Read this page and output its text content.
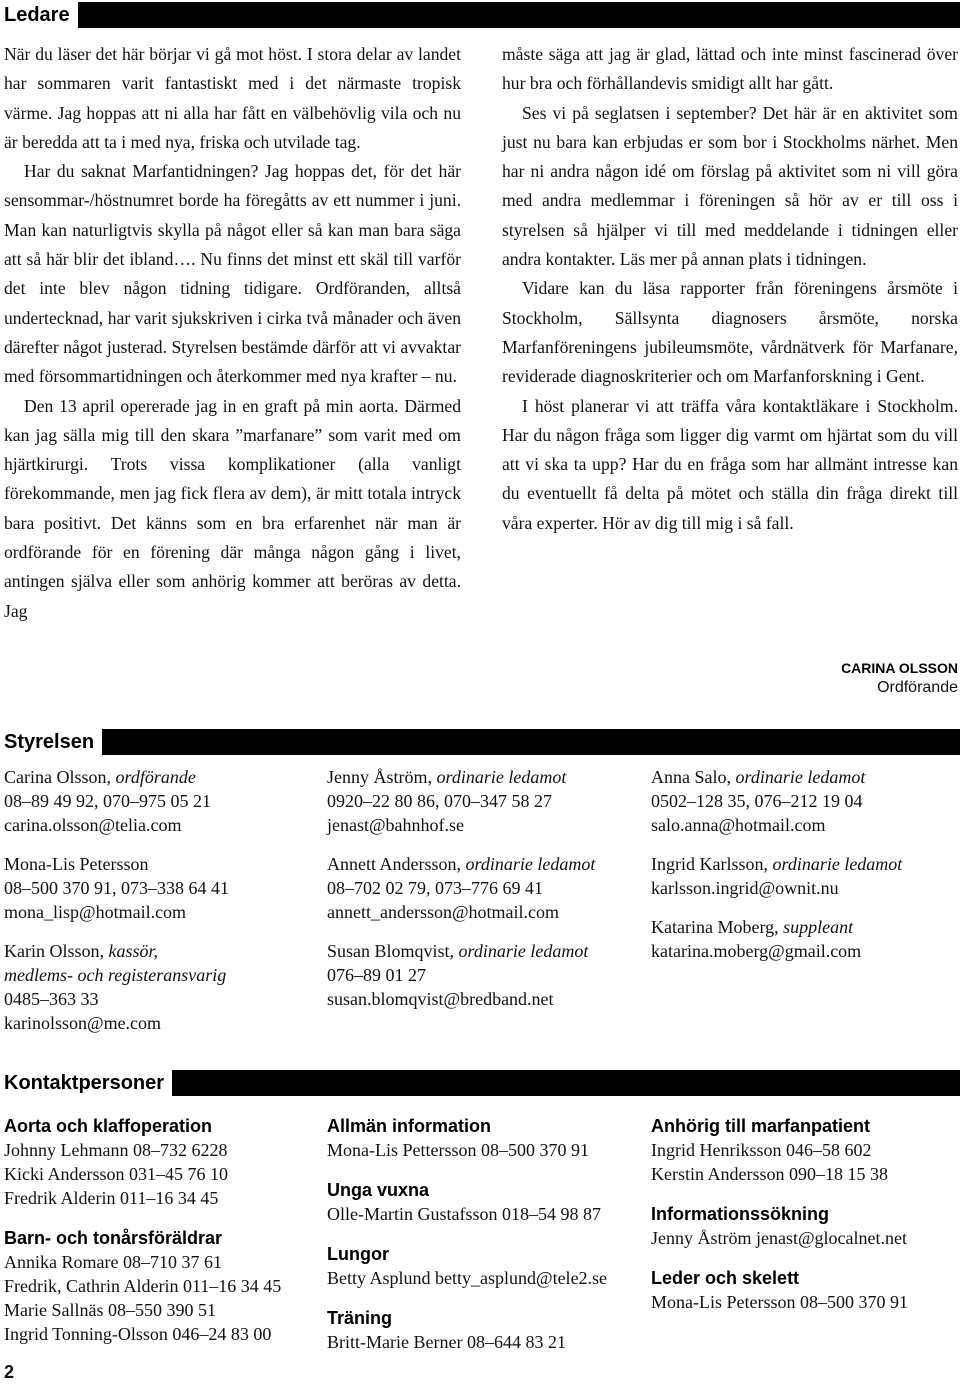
Ledare
Styrelsen
Kontaktpersoner

När du läser det här börjar vi gå mot höst. I stora delar av landet har sommaren varit fantastiskt med i det närmaste tropisk värme. Jag hoppas att ni alla har fått en välbehövlig vila och nu är beredda att ta i med nya, friska och utvilade tag.

Har du saknat Marfantidningen? Jag hoppas det, för det här sensommar-/höstnumret borde ha föregåtts av ett nummer i juni. Man kan naturligtvis skylla på något eller så kan man bara säga att så här blir det ibland…. Nu finns det minst ett skäl till varför det inte blev någon tidning tidigare. Ordföranden, alltså undertecknad, har varit sjukskriven i cirka två månader och även därefter något justerad. Styrelsen bestämde därför att vi avvaktar med försommartidningen och återkommer med nya krafter – nu.

Den 13 april opererade jag in en graft på min aorta. Därmed kan jag sälla mig till den skara ”marfanare” som varit med om hjärtkirurgi. Trots vissa komplikationer (alla vanligt förekommande, men jag fick flera av dem), är mitt totala intryck bara positivt. Det känns som en bra erfarenhet när man är ordförande för en förening där många någon gång i livet, antingen själva eller som anhörig kommer att beröras av detta. Jag

måste säga att jag är glad, lättad och inte minst fascinerad över hur bra och förhållandevis smidigt allt har gått.

Ses vi på seglatsen i september? Det här är en aktivitet som just nu bara kan erbjudas er som bor i Stockholms närhet. Men har ni andra någon idé om förslag på aktivitet som ni vill göra med andra medlemmar i föreningen så hör av er till oss i styrelsen så hjälper vi till med meddelande i tidningen eller andra kontakter. Läs mer på annan plats i tidningen.

Vidare kan du läsa rapporter från föreningens årsmöte i Stockholm, Sällsynta diagnosers årsmöte, norska Marfanföreningens jubileumsmöte, vårdnätverk för Marfanare, reviderade diagnoskriterier och om Marfanforskning i Gent.

I höst planerar vi att träffa våra kontaktläkare i Stockholm. Har du någon fråga som ligger dig varmt om hjärtat som du vill att vi ska ta upp? Har du en fråga som har allmänt intresse kan du eventuellt få delta på mötet och ställa din fråga direkt till våra experter. Hör av dig till mig i så fall.

CARINA OLSSON
Ordförande
Carina Olsson, ordförande
08–89 49 92, 070–975 05 21
carina.olsson@telia.com
Mona-Lis Petersson
08–500 370 91, 073–338 64 41
mona_lisp@hotmail.com
Karin Olsson, kassör,
medlems- och registeransvarig
0485–363 33
karinolsson@me.com
Jenny Åström, ordinarie ledamot
0920–22 80 86, 070–347 58 27
jenast@bahnhof.se
Annett Andersson, ordinarie ledamot
08–702 02 79, 073–776 69 41
annett_andersson@hotmail.com
Susan Blomqvist, ordinarie ledamot
076–89 01 27
susan.blomqvist@bredband.net
Anna Salo, ordinarie ledamot
0502–128 35, 076–212 19 04
salo.anna@hotmail.com
Ingrid Karlsson, ordinarie ledamot
karlsson.ingrid@ownit.nu
Katarina Moberg, suppleant
katarina.moberg@gmail.com
Aorta och klaffoperation
Johnny Lehmann 08–732 6228
Kicki Andersson 031–45 76 10
Fredrik Alderin 011–16 34 45
Barn- och tonårsföräldrar
Annika Romare 08–710 37 61
Fredrik, Cathrin Alderin 011–16 34 45
Marie Sallnäs 08–550 390 51
Ingrid Tonning-Olsson 046–24 83 00
Allmän information
Mona-Lis Pettersson 08–500 370 91
Unga vuxna
Olle-Martin Gustafsson 018–54 98 87
Lungor
Betty Asplund betty_asplund@tele2.se
Träning
Britt-Marie Berner 08–644 83 21
Anhörig till marfanpatient
Ingrid Henriksson 046–58 602
Kerstin Andersson 090–18 15 38
Informationssökning
Jenny Åström jenast@glocalnet.net
Leder och skelett
Mona-Lis Petersson 08–500 370 91
2
